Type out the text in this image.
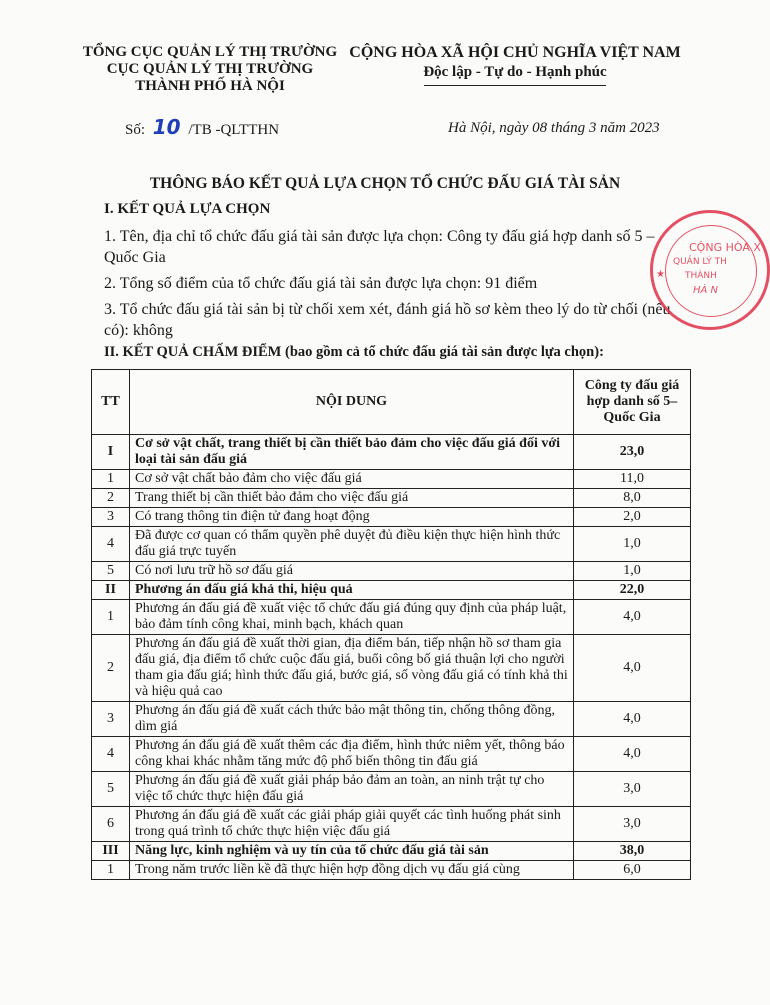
TỔNG CỤC QUẢN LÝ THỊ TRƯỜNG
CỤC QUẢN LÝ THỊ TRƯỜNG
THÀNH PHỐ HÀ NỘI
CỘNG HÒA XÃ HỘI CHỦ NGHĨA VIỆT NAM
Độc lập - Tự do - Hạnh phúc
Số: 10 /TB -QLTTHN	Hà Nội, ngày 08 tháng 3 năm 2023
THÔNG BÁO KẾT QUẢ LỰA CHỌN TỔ CHỨC ĐẤU GIÁ TÀI SẢN
I. KẾT QUẢ LỰA CHỌN
1. Tên, địa chỉ tổ chức đấu giá tài sản được lựa chọn: Công ty đấu giá hợp danh số 5 – Quốc Gia
2. Tổng số điểm của tổ chức đấu giá tài sản được lựa chọn: 91 điểm
3. Tổ chức đấu giá tài sản bị từ chối xem xét, đánh giá hồ sơ kèm theo lý do từ chối (nếu có): không
II. KẾT QUẢ CHẤM ĐIỂM (bao gồm cả tổ chức đấu giá tài sản được lựa chọn):
TT	NỘI DUNG	Công ty đấu giá hợp danh số 5– Quốc Gia
I	Cơ sở vật chất, trang thiết bị cần thiết bảo đảm cho việc đấu giá đối với loại tài sản đấu giá	23,0
1	Cơ sở vật chất bảo đảm cho việc đấu giá	11,0
2	Trang thiết bị cần thiết bảo đảm cho việc đấu giá	8,0
3	Có trang thông tin điện tử đang hoạt động	2,0
4	Đã được cơ quan có thẩm quyền phê duyệt đủ điều kiện thực hiện hình thức đấu giá trực tuyến	1,0
5	Có nơi lưu trữ hồ sơ đấu giá	1,0
II	Phương án đấu giá khả thi, hiệu quả	22,0
1	Phương án đấu giá đề xuất việc tổ chức đấu giá đúng quy định của pháp luật, bảo đảm tính công khai, minh bạch, khách quan	4,0
2	Phương án đấu giá đề xuất thời gian, địa điểm bán, tiếp nhận hồ sơ tham gia đấu giá, địa điểm tổ chức cuộc đấu giá, buổi công bố giá thuận lợi cho người tham gia đấu giá; hình thức đấu giá, bước giá, số vòng đấu giá có tính khả thi và hiệu quả cao	4,0
3	Phương án đấu giá đề xuất cách thức bảo mật thông tin, chống thông đồng, dìm giá	4,0
4	Phương án đấu giá đề xuất thêm các địa điểm, hình thức niêm yết, thông báo công khai khác nhằm tăng mức độ phổ biến thông tin đấu giá	4,0
5	Phương án đấu giá đề xuất giải pháp bảo đảm an toàn, an ninh trật tự cho việc tổ chức thực hiện đấu giá	3,0
6	Phương án đấu giá đề xuất các giải pháp giải quyết các tình huống phát sinh trong quá trình tổ chức thực hiện việc đấu giá	3,0
III	Năng lực, kinh nghiệm và uy tín của tổ chức đấu giá tài sản	38,0
1	Trong năm trước liền kề đã thực hiện hợp đồng dịch vụ đấu giá cùng	6,0
★
CỘNG HÒA X
QUẢN LÝ TH
THÀNH
HÀ N
